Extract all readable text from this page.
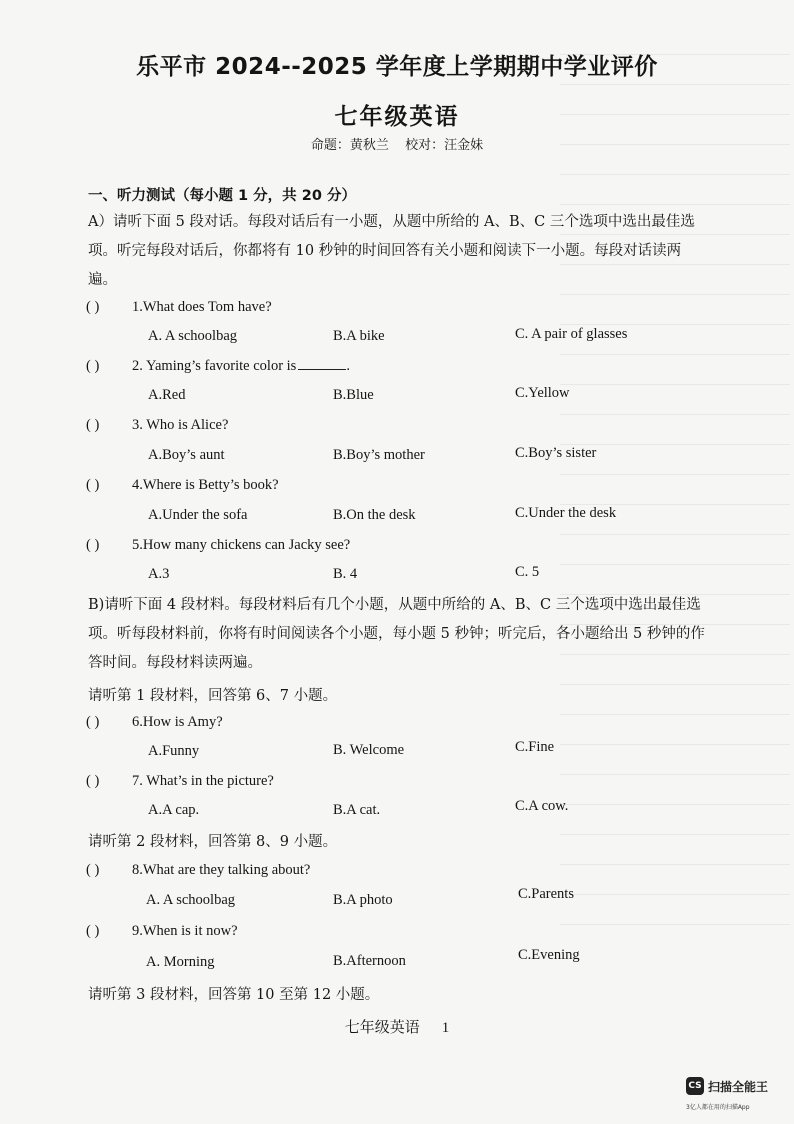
乐平市 2024--2025 学年度上学期期中学业评价
七年级英语
命题：黄秋兰 校对：汪金妹
一、听力测试（每小题 1 分，共 20 分）
A）请听下面 5 段对话。每段对话后有一小题，从题中所给的 A、B、C 三个选项中选出最佳选项。听完每段对话后，你都将有 10 秒钟的时间回答有关小题和阅读下一小题。每段对话读两遍。
( ) 1.What does Tom have?
A. A schoolbag	B.A bike	C. A pair of glasses
( ) 2. Yaming’s favorite color is	.
A.Red	B.Blue	C.Yellow
( ) 3. Who is Alice?
A.Boy’s aunt	B.Boy’s mother	C.Boy’s sister
( ) 4.Where is Betty’s book?
A.Under the sofa	B.On the desk	C.Under the desk
( ) 5.How many chickens can Jacky see?
A.3	B. 4	C. 5
B)请听下面 4 段材料。每段材料后有几个小题，从题中所给的 A、B、C 三个选项中选出最佳选项。听每段材料前，你将有时间阅读各个小题，每小题 5 秒钟；听完后，各小题给出 5 秒钟的作答时间。每段材料读两遍。
请听第 1 段材料，回答第 6、7 小题。
( ) 6.How is Amy?
A.Funny	B. Welcome	C.Fine
( ) 7. What’s in the picture?
A.A cap.	B.A cat.	C.A cow.
请听第 2 段材料，回答第 8、9 小题。
( ) 8.What are they talking about?
A. A schoolbag	B.A photo	C.Parents
( ) 9.When is it now?
A. Morning	B.Afternoon	C.Evening
请听第 3 段材料，回答第 10 至第 12 小题。
七年级英语 1
CS 扫描全能王
3亿人都在用的扫描App
